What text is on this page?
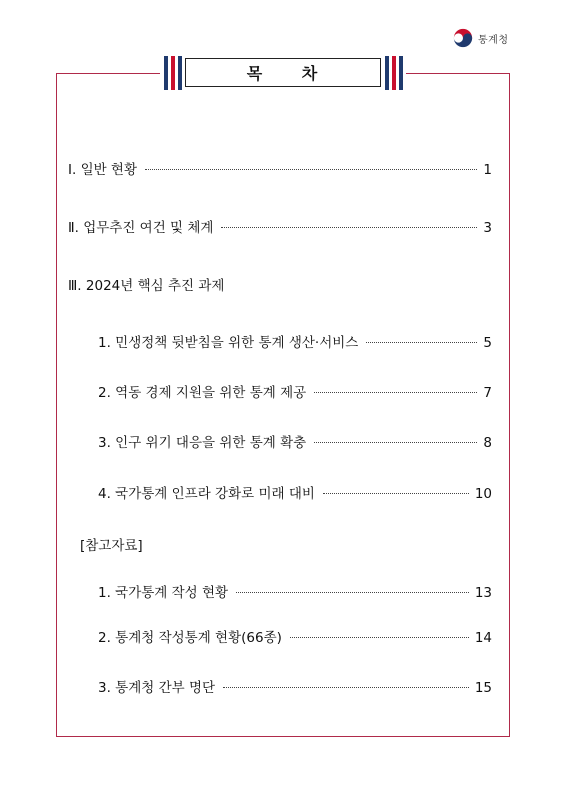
통계청
목 차
Ⅰ. 일반 현황	1
Ⅱ. 업무추진 여건 및 체계	3
Ⅲ. 2024년 핵심 추진 과제
1. 민생정책 뒷받침을 위한 통계 생산·서비스	5
2. 역동 경제 지원을 위한 통계 제공	7
3. 인구 위기 대응을 위한 통계 확충	8
4. 국가통계 인프라 강화로 미래 대비	10
[참고자료]
1. 국가통계 작성 현황	13
2. 통계청 작성통계 현황(66종)	14
3. 통계청 간부 명단	15
